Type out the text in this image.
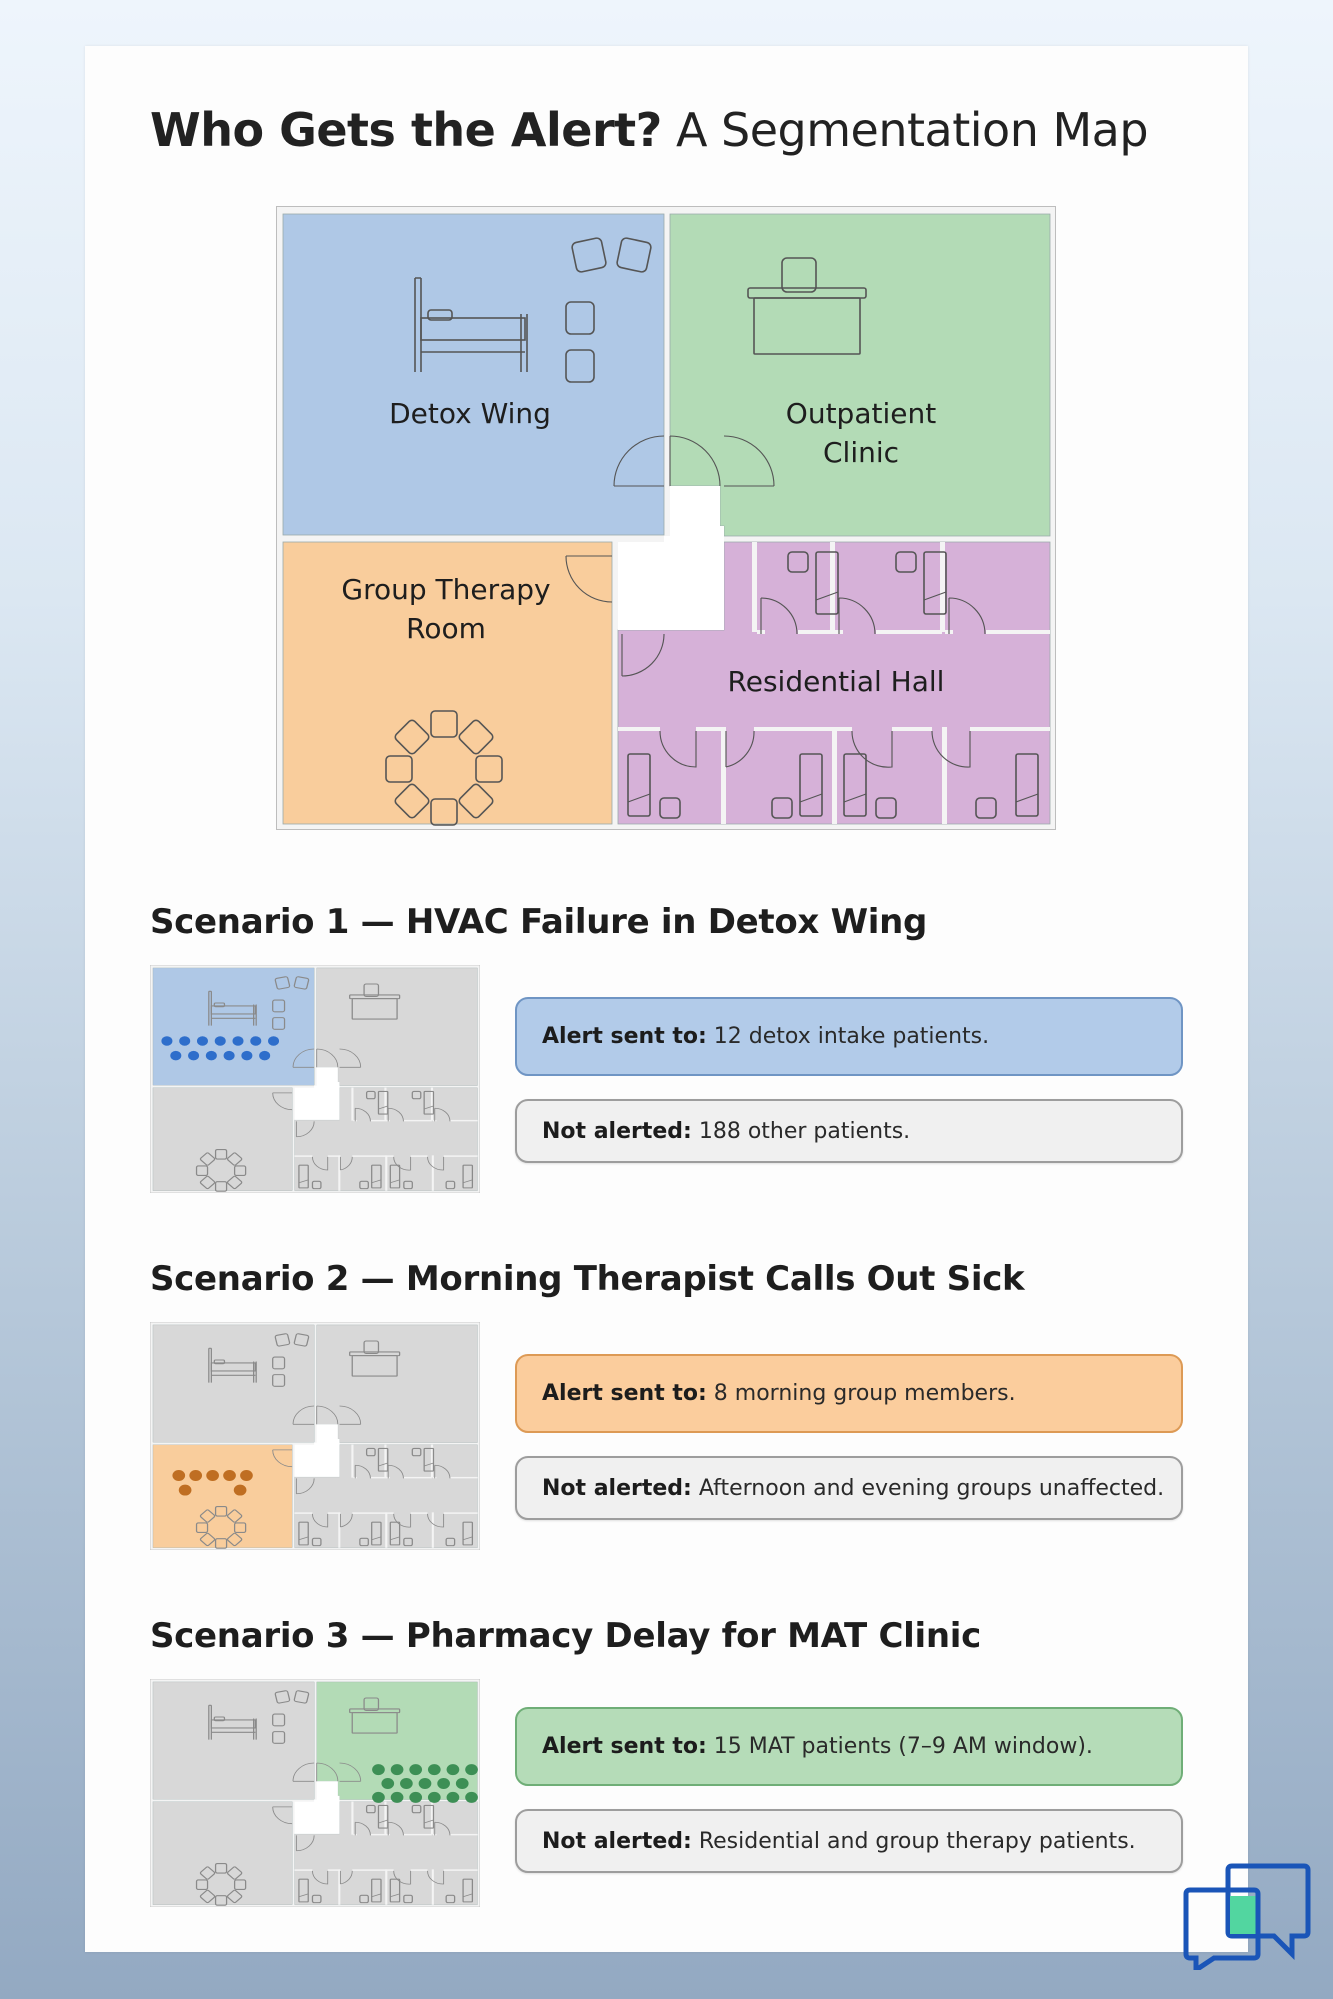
Who Gets the Alert? A Segmentation Map
Detox Wing	Outpatient
Clinic
Group Therapy
Room
Residential Hall
Scenario 1 — HVAC Failure in Detox Wing
Alert sent to: 12 detox intake patients.
Not alerted: 188 other patients.
Scenario 2 — Morning Therapist Calls Out Sick
Alert sent to: 8 morning group members.
Not alerted: Afternoon and evening groups unaffected.
Scenario 3 — Pharmacy Delay for MAT Clinic
Alert sent to: 15 MAT patients (7–9 AM window).
Not alerted: Residential and group therapy patients.
